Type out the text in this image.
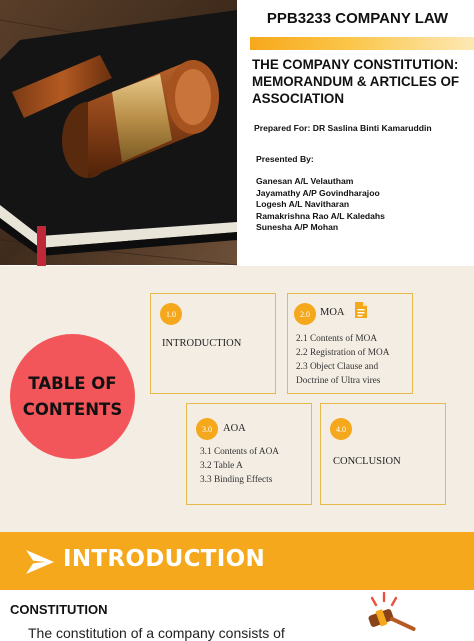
PPB3233 COMPANY LAW
THE COMPANY CONSTITUTION: MEMORANDUM & ARTICLES OF ASSOCIATION
Prepared For: DR Saslina Binti Kamaruddin
Presented By:
Ganesan A/L Velautham
Jayamathy A/P Govindharajoo
Logesh A/L Navitharan
Ramakrishna Rao A/L Kaledahs
Sunesha A/P Mohan
TABLE OF
CONTENTS
1.0
INTRODUCTION
2.0 MOA
2.1 Contents of MOA
2.2 Registration of MOA
2.3 Object Clause and
Doctrine of Ultra vires
3.0	AOA
3.1 Contents of AOA
3.2 Table A
3.3 Binding Effects
4.0
CONCLUSION
INTRODUCTION
CONSTITUTION
The constitution of a company consists of
